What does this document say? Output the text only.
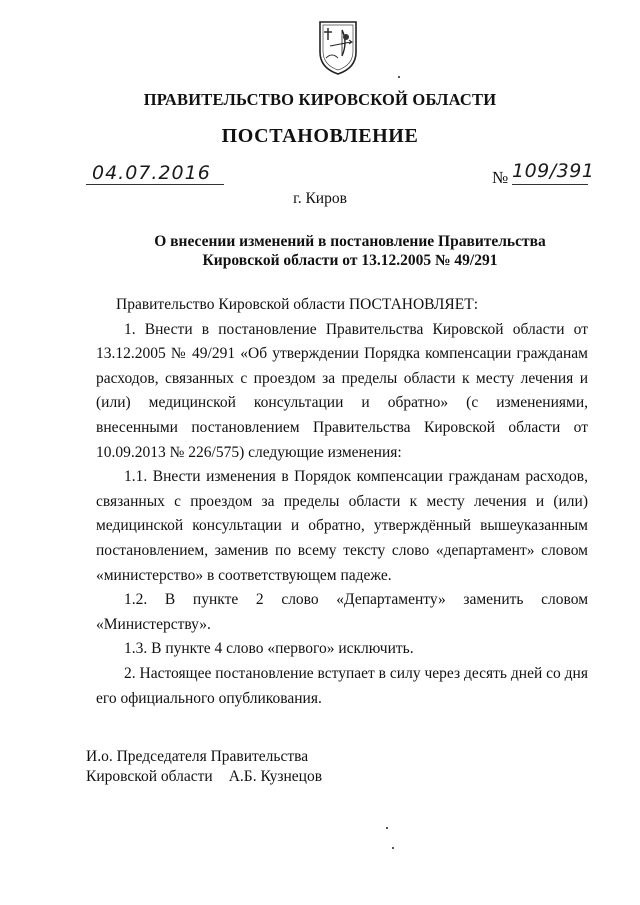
ПРАВИТЕЛЬСТВО КИРОВСКОЙ ОБЛАСТИ
ПОСТАНОВЛЕНИЕ
04.07.2016	№ 109/391
г. Киров
О внесении изменений в постановление Правительства
Кировской области от 13.12.2005 № 49/291

Правительство Кировской области ПОСТАНОВЛЯЕТ:

1. Внести в постановление Правительства Кировской области от 13.12.2005 № 49/291 «Об утверждении Порядка компенсации гражданам расходов, связанных с проездом за пределы области к месту лечения и (или) медицинской консультации и обратно» (с изменениями, внесенными постановлением Правительства Кировской области от 10.09.2013 № 226/575) следующие изменения:

1.1. Внести изменения в Порядок компенсации гражданам расходов, связанных с проездом за пределы области к месту лечения и (или) медицинской консультации и обратно, утверждённый вышеуказанным постановлением, заменив по всему тексту слово «департамент» словом «министерство» в соответствующем падеже.

1.2. В пункте 2 слово «Департаменту» заменить словом «Министерству».

1.3. В пункте 4 слово «первого» исключить.

2. Настоящее постановление вступает в силу через десять дней со дня его официального опубликования.

И.о. Председателя Правительства
Кировской области А.Б. Кузнецов
